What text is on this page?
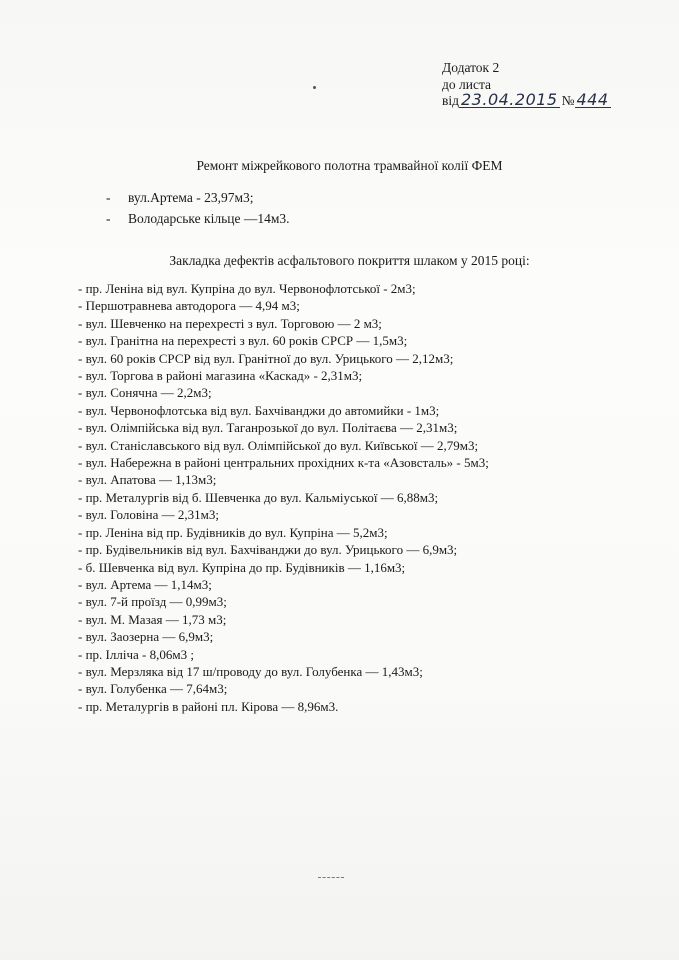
Додаток 2
до листа
від 23.04.2015 № 444
Ремонт міжрейкового полотна трамвайної колії ФЕМ
-	вул.Артема - 23,97м3;
-	Володарське кільце —14м3.
Закладка дефектів асфальтового покриття шлаком у 2015 році:
- пр. Леніна від вул. Купріна до вул. Червонофлотської - 2м3;
- Першотравнева автодорога — 4,94 м3;
- вул. Шевченко на перехресті з вул. Торговою — 2 м3;
- вул. Гранітна на перехресті з вул. 60 років СРСР — 1,5м3;
- вул. 60 років СРСР від вул. Гранітної до вул. Урицького — 2,12м3;
- вул. Торгова в районі магазина «Каскад» - 2,31м3;
- вул. Сонячна — 2,2м3;
- вул. Червонофлотська від вул. Бахчіванджи до автомийки - 1м3;
- вул. Олімпійська від вул. Таганрозької до вул. Політаєва — 2,31м3;
- вул. Станіславського від вул. Олімпійської до вул. Київської — 2,79м3;
- вул. Набережна в районі центральних прохідних к-та «Азовсталь» - 5м3;
- вул. Апатова — 1,13м3;
- пр. Металургів від б. Шевченка до вул. Кальміуської — 6,88м3;
- вул. Головіна — 2,31м3;
- пр. Леніна від пр. Будівників до вул. Купріна — 5,2м3;
- пр. Будівельників від вул. Бахчіванджи до вул. Урицького — 6,9м3;
- б. Шевченка від вул. Купріна до пр. Будівників — 1,16м3;
- вул. Артема — 1,14м3;
- вул. 7-й проїзд — 0,99м3;
- вул. М. Мазая — 1,73 м3;
- вул. Заозерна — 6,9м3;
- пр. Ілліча - 8,06м3 ;
- вул. Мерзляка від 17 ш/проводу до вул. Голубенка — 1,43м3;
- вул. Голубенка — 7,64м3;
- пр. Металургів в районі пл. Кірова — 8,96м3.
